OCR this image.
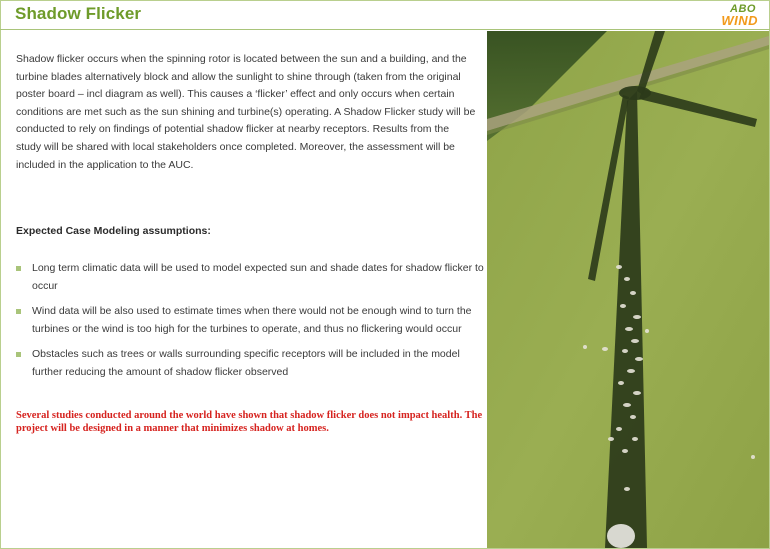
Shadow Flicker	ABO
WIND

Shadow flicker occurs when the spinning rotor is located between the sun and a building, and the turbine blades alternatively block and allow the sunlight to shine through (taken from the original poster board – incl diagram as well). This causes a ‘flicker’ effect and only occurs when certain conditions are met such as the sun shining and turbine(s) operating. A Shadow Flicker study will be conducted to rely on findings of potential shadow flicker at nearby receptors. Results from the study will be shared with local stakeholders once completed. Moreover, the assessment will be included in the application to the AUC.

Expected Case Modeling assumptions:
Long term climatic data will be used to model expected sun and shade dates for shadow flicker to occur
Wind data will be also used to estimate times when there would not be enough wind to turn the turbines or the wind is too high for the turbines to operate, and thus no flickering would occur
Obstacles such as trees or walls surrounding specific receptors will be included in the model further reducing the amount of shadow flicker observed
Several studies conducted around the world have shown that shadow flicker does not impact health. The project will be designed in a manner that minimizes shadow at homes.
